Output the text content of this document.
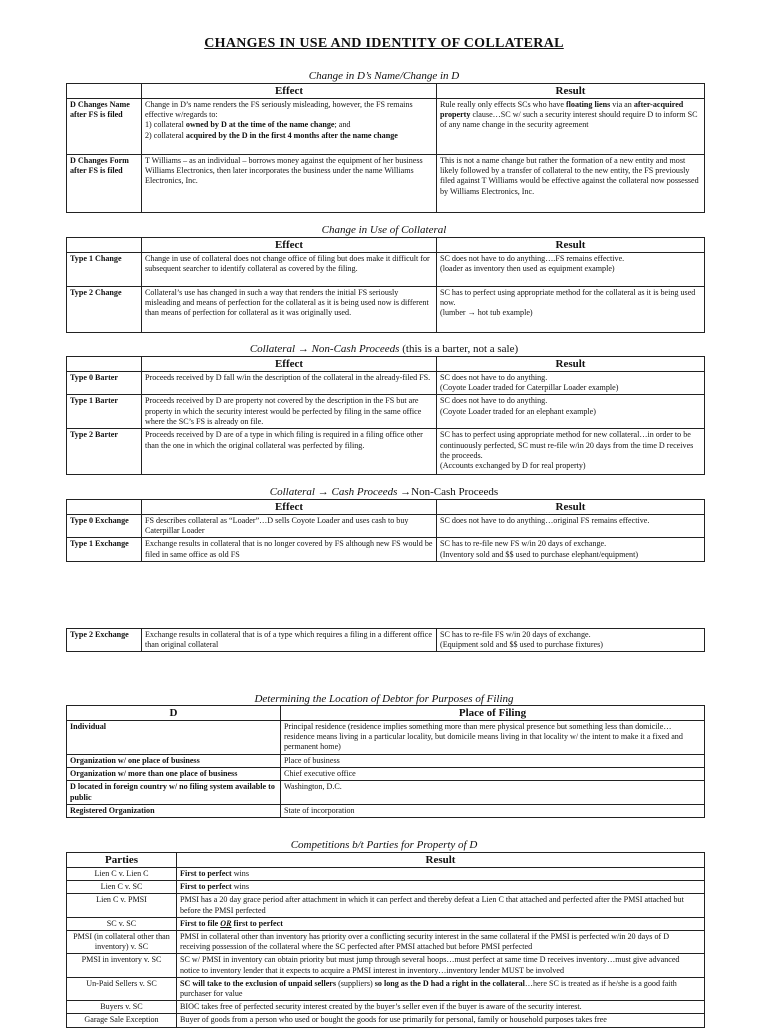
CHANGES IN USE AND IDENTITY OF COLLATERAL
Change in D’s Name/Change in D
	Effect	Result
D Changes Name after FS is filed	Change in D’s name renders the FS seriously misleading, however, the FS remains effective w/regards to:
1) collateral owned by D at the time of the name change; and
2) collateral acquired by the D in the first 4 months after the name change	Rule really only effects SCs who have floating liens via an after-acquired property clause…SC w/ such a security interest should require D to inform SC of any name change in the security agreement
D Changes Form after FS is filed	T Williams – as an individual – borrows money against the equipment of her business Williams Electronics, then later incorporates the business under the name Williams Electronics, Inc.	This is not a name change but rather the formation of a new entity and most likely followed by a transfer of collateral to the new entity, the FS previously filed against T Williams would be effective against the collateral now possessed by Williams Electronics, Inc.
Change in Use of Collateral
	Effect	Result
Type 1 Change	Change in use of collateral does not change office of filing but does make it difficult for subsequent searcher to identify collateral as covered by the filing.	SC does not have to do anything….FS remains effective.
(loader as inventory then used as equipment example)
Type 2 Change	Collateral’s use has changed in such a way that renders the initial FS seriously misleading and means of perfection for the collateral as it is being used now is different than means of perfection for collateral as it was originally used.	SC has to perfect using appropriate method for the collateral as it is being used now.
(lumber → hot tub example)
Collateral → Non-Cash Proceeds (this is a barter, not a sale)
	Effect	Result
Type 0 Barter	Proceeds received by D fall w/in the description of the collateral in the already-filed FS.	SC does not have to do anything.
(Coyote Loader traded for Caterpillar Loader example)
Type 1 Barter	Proceeds received by D are property not covered by the description in the FS but are property in which the security interest would be perfected by filing in the same office where the SC’s FS is already on file.	SC does not have to do anything.
(Coyote Loader traded for an elephant example)
Type 2 Barter	Proceeds received by D are of a type in which filing is required in a filing office other than the one in which the original collateral was perfected by filing.	SC has to perfect using appropriate method for new collateral…in order to be continuously perfected, SC must re-file w/in 20 days from the time D receives the proceeds.
(Accounts exchanged by D for real property)
Collateral → Cash Proceeds →Non-Cash Proceeds
	Effect	Result
Type 0 Exchange	FS describes collateral as “Loader”…D sells Coyote Loader and uses cash to buy Caterpillar Loader	SC does not have to do anything…original FS remains effective.
Type 1 Exchange	Exchange results in collateral that is no longer covered by FS although new FS would be filed in same office as old FS	SC has to re-file new FS w/in 20 days of exchange.
(Inventory sold and $$ used to purchase elephant/equipment)
Type 2 Exchange	Exchange results in collateral that is of a type which requires a filing in a different office than original collateral	SC has to re-file FS w/in 20 days of exchange.
(Equipment sold and $$ used to purchase fixtures)
Determining the Location of Debtor for Purposes of Filing
D	Place of Filing
Individual	Principal residence (residence implies something more than mere physical presence but something less than domicile…residence means living in a particular locality, but domicile means living in that locality w/ the intent to make it a fixed and permanent home)
Organization w/ one place of business	Place of business
Organization w/ more than one place of business	Chief executive office
D located in foreign country w/ no filing system available to public	Washington, D.C.
Registered Organization	State of incorporation
Competitions b/t Parties for Property of D
Parties	Result
Lien C v. Lien C	First to perfect wins
Lien C v. SC	First to perfect wins
Lien C v. PMSI	PMSI has a 20 day grace period after attachment in which it can perfect and thereby defeat a Lien C that attached and perfected after the PMSI attached but before the PMSI perfected
SC v. SC	First to file OR first to perfect
PMSI (in collateral other than inventory) v. SC	PMSI in collateral other than inventory has priority over a conflicting security interest in the same collateral if the PMSI is perfected w/in 20 days of D receiving possession of the collateral where the SC perfected after PMSI attached but before PMSI perfected
PMSI in inventory v. SC	SC w/ PMSI in inventory can obtain priority but must jump through several hoops…must perfect at same time D receives inventory…must give advanced notice to inventory lender that it expects to acquire a PMSI interest in inventory…inventory lender MUST be involved
Un-Paid Sellers v. SC	SC will take to the exclusion of unpaid sellers (suppliers) so long as the D had a right in the collateral…here SC is treated as if he/she is a good faith purchaser for value
Buyers v. SC	BIOC takes free of perfected security interest created by the buyer’s seller even if the buyer is aware of the security interest.
Garage Sale Exception	Buyer of goods from a person who used or bought the goods for use primarily for personal, family or household purposes takes free
